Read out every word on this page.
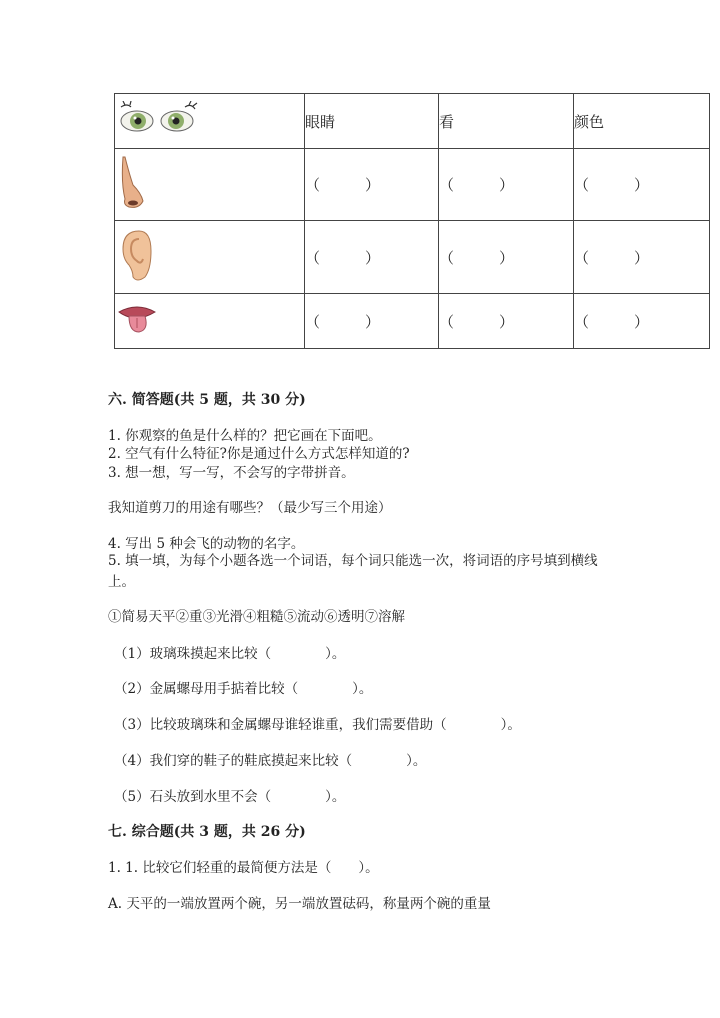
	眼睛	看	颜色
	（　　　）	（　　　）	（　　　）
	（　　　）	（　　　）	（　　　）
	（　　　）	（　　　）	（　　　）

六. 简答题(共 5 题，共 30 分)

1. 你观察的鱼是什么样的？把它画在下面吧。

2. 空气有什么特征?你是通过什么方式怎样知道的?

3. 想一想，写一写，不会写的字带拼音。

我知道剪刀的用途有哪些？（最少写三个用途）

4. 写出 5 种会飞的动物的名字。

5. 填一填，为每个小题各选一个词语，每个词只能选一次，将词语的序号填到横线上。

①简易天平②重③光滑④粗糙⑤流动⑥透明⑦溶解

（1）玻璃珠摸起来比较（　　　　）。

（2）金属螺母用手掂着比较（　　　　）。

（3）比较玻璃珠和金属螺母谁轻谁重，我们需要借助（　　　　）。

（4）我们穿的鞋子的鞋底摸起来比较（　　　　）。

（5）石头放到水里不会（　　　　）。

七. 综合题(共 3 题，共 26 分)

1. 1. 比较它们轻重的最简便方法是（　　）。

A. 天平的一端放置两个碗，另一端放置砝码，称量两个碗的重量
